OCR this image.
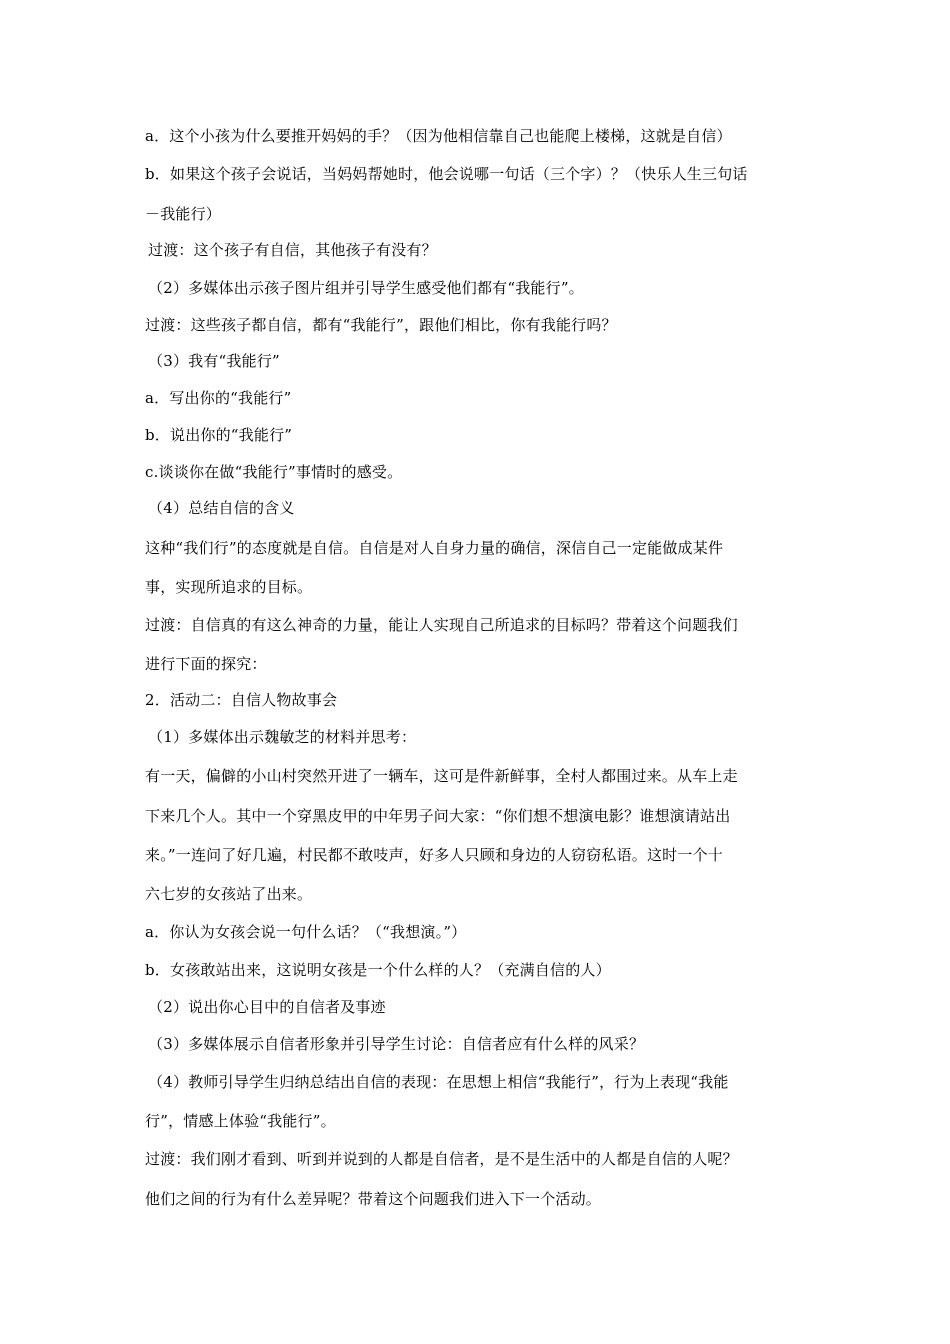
a．这个小孩为什么要推开妈妈的手？（因为他相信靠自己也能爬上楼梯，这就是自信）
b．如果这个孩子会说话，当妈妈帮她时，他会说哪一句话（三个字）？（快乐人生三句话
－我能行）
过渡：这个孩子有自信，其他孩子有没有？
（2）多媒体出示孩子图片组并引导学生感受他们都有“我能行”。
过渡：这些孩子都自信，都有“我能行”，跟他们相比，你有我能行吗？
（3）我有“我能行”
a．写出你的“我能行”
b．说出你的“我能行”
c.谈谈你在做“我能行”事情时的感受。
（4）总结自信的含义
这种“我们行”的态度就是自信。自信是对人自身力量的确信，深信自己一定能做成某件
事，实现所追求的目标。
过渡：自信真的有这么神奇的力量，能让人实现自己所追求的目标吗？带着这个问题我们
进行下面的探究：
2．活动二：自信人物故事会
（1）多媒体出示魏敏芝的材料并思考：
有一天，偏僻的小山村突然开进了一辆车，这可是件新鲜事，全村人都围过来。从车上走
下来几个人。其中一个穿黑皮甲的中年男子问大家：“你们想不想演电影？谁想演请站出
来。”一连问了好几遍，村民都不敢吱声，好多人只顾和身边的人窃窃私语。这时一个十
六七岁的女孩站了出来。
a．你认为女孩会说一句什么话？（“我想演。”）
b．女孩敢站出来，这说明女孩是一个什么样的人？（充满自信的人）
（2）说出你心目中的自信者及事迹
（3）多媒体展示自信者形象并引导学生讨论：自信者应有什么样的风采？
（4）教师引导学生归纳总结出自信的表现：在思想上相信“我能行”，行为上表现“我能
行”，情感上体验“我能行”。
过渡：我们刚才看到、听到并说到的人都是自信者，是不是生活中的人都是自信的人呢？
他们之间的行为有什么差异呢？带着这个问题我们进入下一个活动。
